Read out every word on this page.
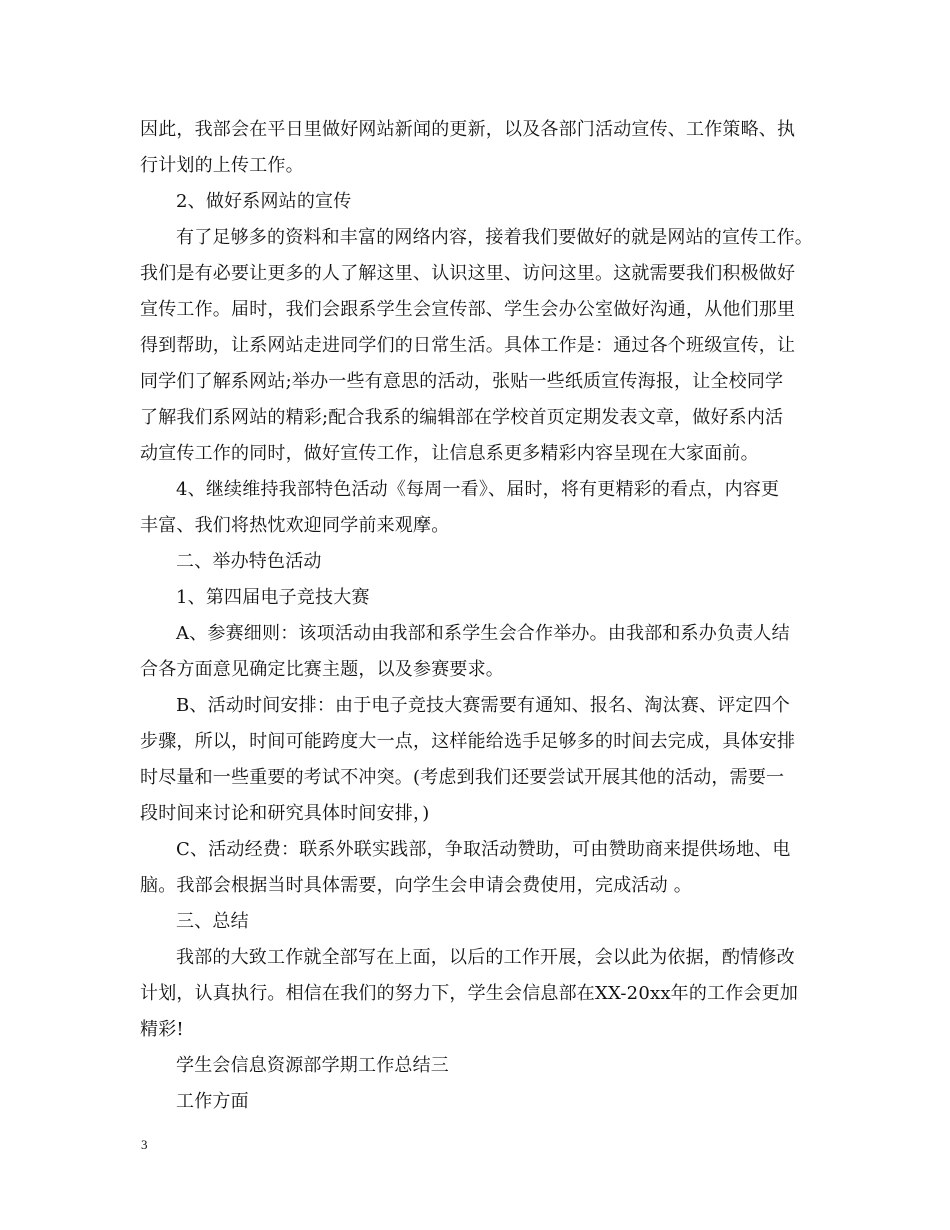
因此，我部会在平日里做好网站新闻的更新，以及各部门活动宣传、工作策略、执
行计划的上传工作。
2、做好系网站的宣传
有了足够多的资料和丰富的网络内容，接着我们要做好的就是网站的宣传工作。
我们是有必要让更多的人了解这里、认识这里、访问这里。这就需要我们积极做好
宣传工作。届时，我们会跟系学生会宣传部、学生会办公室做好沟通，从他们那里
得到帮助，让系网站走进同学们的日常生活。具体工作是：通过各个班级宣传，让
同学们了解系网站;举办一些有意思的活动，张贴一些纸质宣传海报，让全校同学
了解我们系网站的精彩;配合我系的编辑部在学校首页定期发表文章，做好系内活
动宣传工作的同时，做好宣传工作，让信息系更多精彩内容呈现在大家面前。
4、继续维持我部特色活动《每周一看》、届时，将有更精彩的看点，内容更
丰富、我们将热忱欢迎同学前来观摩。
二、举办特色活动
1、第四届电子竞技大赛
A、参赛细则：该项活动由我部和系学生会合作举办。由我部和系办负责人结
合各方面意见确定比赛主题，以及参赛要求。
B、活动时间安排：由于电子竞技大赛需要有通知、报名、淘汰赛、评定四个
步骤，所以，时间可能跨度大一点，这样能给选手足够多的时间去完成，具体安排
时尽量和一些重要的考试不冲突。(考虑到我们还要尝试开展其他的活动，需要一
段时间来讨论和研究具体时间安排，)
C、活动经费：联系外联实践部，争取活动赞助，可由赞助商来提供场地、电
脑。我部会根据当时具体需要，向学生会申请会费使用，完成活动 。
三、总结
我部的大致工作就全部写在上面，以后的工作开展，会以此为依据，酌情修改
计划，认真执行。相信在我们的努力下，学生会信息部在XX-20xx年的工作会更加
精彩!
学生会信息资源部学期工作总结三
工作方面
3
